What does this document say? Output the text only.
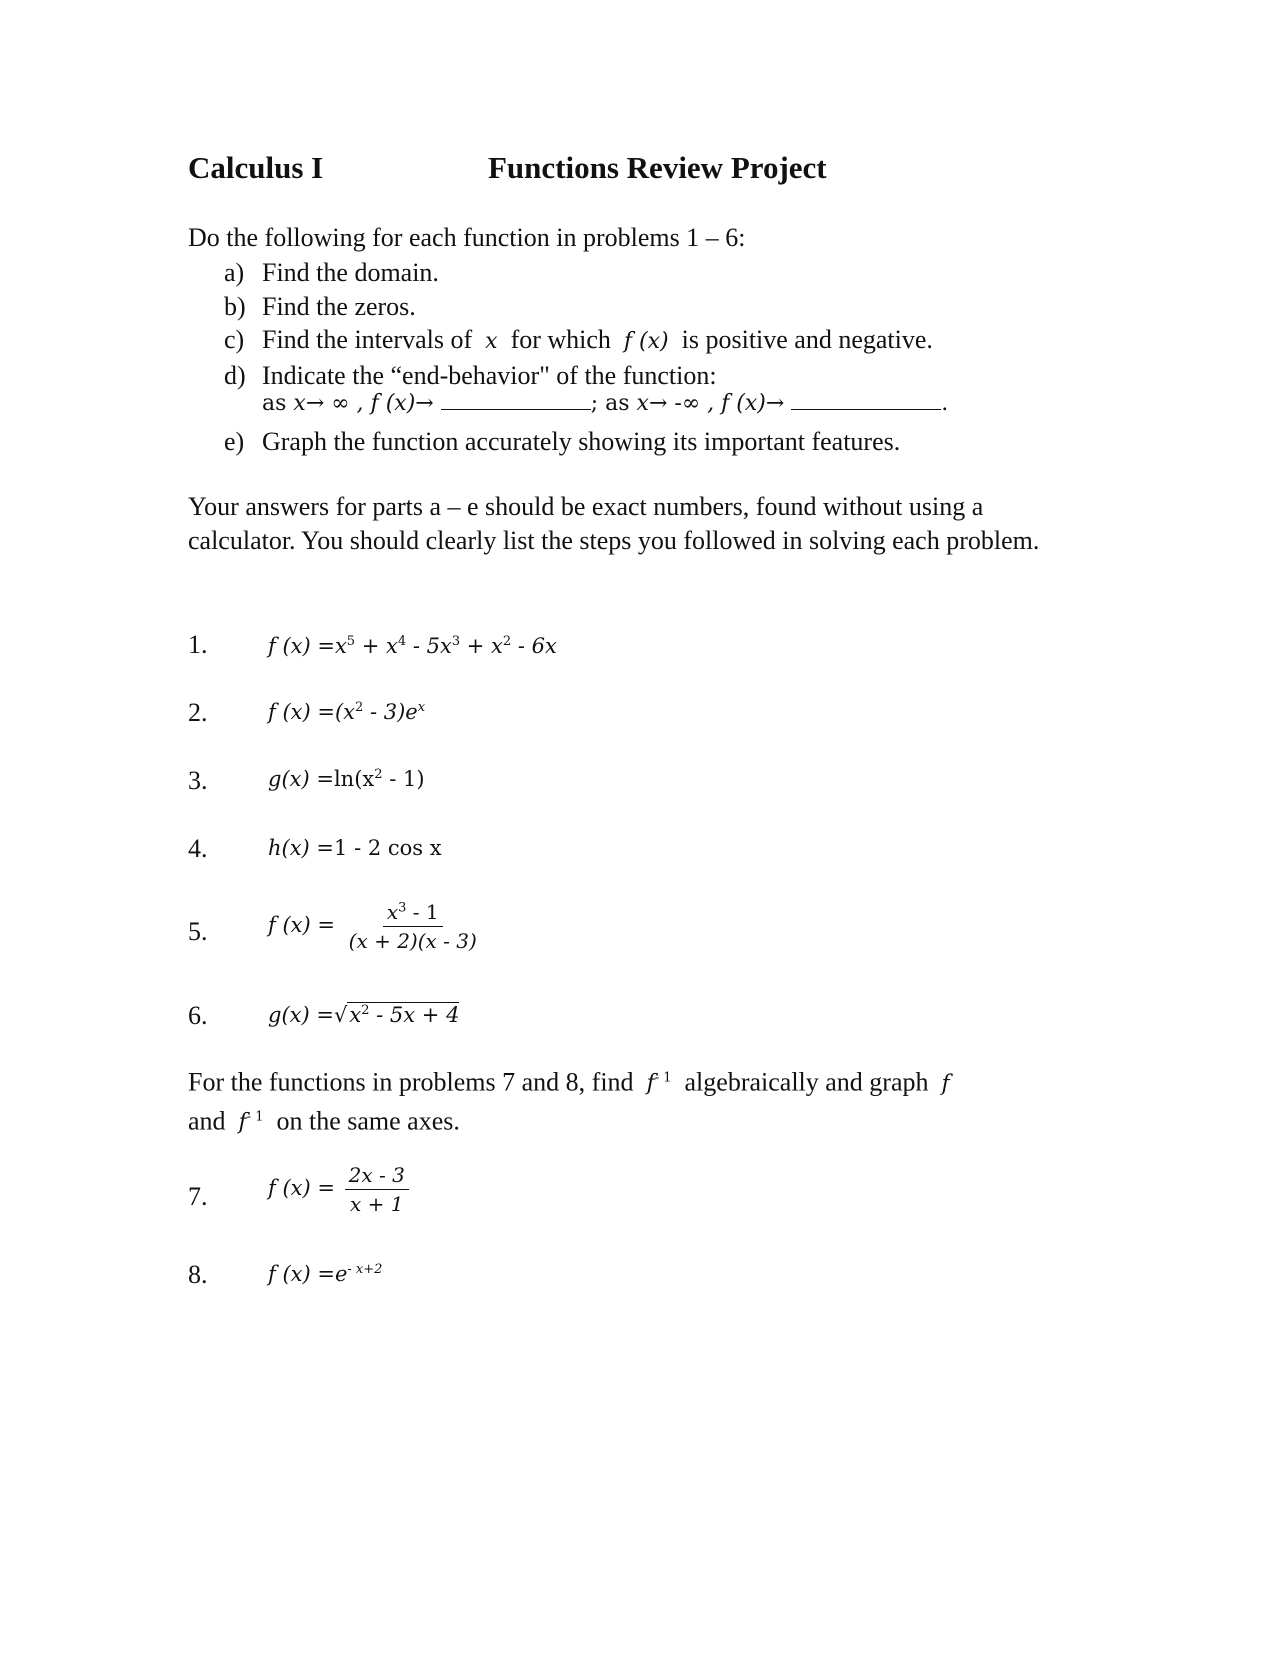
Calculus I	Functions Review Project
Do the following for each function in problems 1 – 6:
a) Find the domain.
b) Find the zeros.
c) Find the intervals of x for which f (x) is positive and negative.
d) Indicate the “end-behavior" of the function:
e) Graph the function accurately showing its important features.
as x→ ∞ , f (x)→	; as x→ -∞ , f (x)→	.
Your answers for parts a – e should be exact numbers, found without using a calculator. You should clearly list the steps you followed in solving each problem.
1.	f $(x) =x^5 + x^4 - 5x^3 + x^2 - 6x$
2.	f $(x) =(x^2 - 3)e^x$
3.	$g(x) =\ln(x^2 - 1)$
4.	h(x) =1 - 2 cos x
5.	f $(x) = \frac{x^3 - 1}{(x + 2)(x - 3)}$
6.	$g(x) =√x^2 - 5x + 4$
For the functions in problems 7 and 8, find $f^{- 1}$ algebraically and graph f
and $f^{- 1}$ on the same axes.
7.	f $(x) = \frac{2x - 3}{x + 1}$
8.	f $(x) =e^{- x+2}$
